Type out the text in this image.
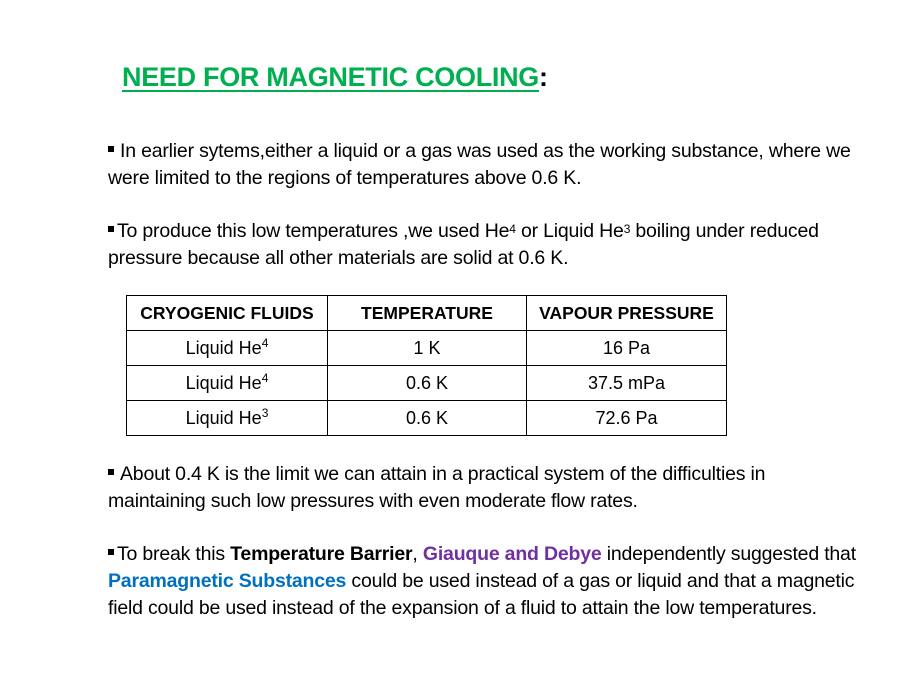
NEED FOR MAGNETIC COOLING:
In earlier sytems,either a liquid or a gas was used as the working substance, where we were limited to the regions of temperatures above 0.6 K.
To produce this low temperatures ,we used He$^4$ or Liquid He$^3$ boiling under reduced pressure because all other materials are solid at 0.6 K.
CRYOGENIC FLUIDS	TEMPERATURE	VAPOUR PRESSURE
Liquid He$^4$	1 K	16 Pa
Liquid He$^4$	0.6 K	37.5 mPa
Liquid He$^3$	0.6 K	72.6 Pa
About 0.4 K is the limit we can attain in a practical system of the difficulties in maintaining such low pressures with even moderate flow rates.
To break this Temperature Barrier, Giauque and Debye independently suggested that Paramagnetic Substances could be used instead of a gas or liquid and that a magnetic field could be used instead of the expansion of a fluid to attain the low temperatures.
